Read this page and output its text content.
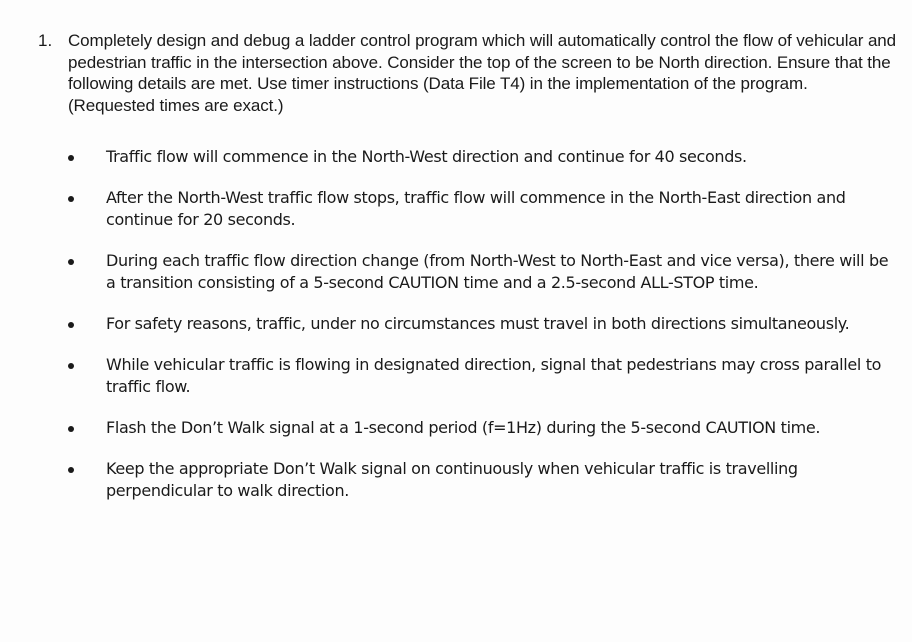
1. Completely design and debug a ladder control program which will automatically control the flow of vehicular and pedestrian traffic in the intersection above. Consider the top of the screen to be North direction. Ensure that the following details are met. Use timer instructions (Data File T4) in the implementation of the program. (Requested times are exact.)
Traffic flow will commence in the North-West direction and continue for 40 seconds.
After the North-West traffic flow stops, traffic flow will commence in the North-East direction and continue for 20 seconds.
During each traffic flow direction change (from North-West to North-East and vice versa), there will be a transition consisting of a 5-second CAUTION time and a 2.5-second ALL-STOP time.
For safety reasons, traffic, under no circumstances must travel in both directions simultaneously.
While vehicular traffic is flowing in designated direction, signal that pedestrians may cross parallel to traffic flow.
Flash the Don’t Walk signal at a 1-second period (f=1Hz) during the 5-second CAUTION time.
Keep the appropriate Don’t Walk signal on continuously when vehicular traffic is travelling perpendicular to walk direction.
